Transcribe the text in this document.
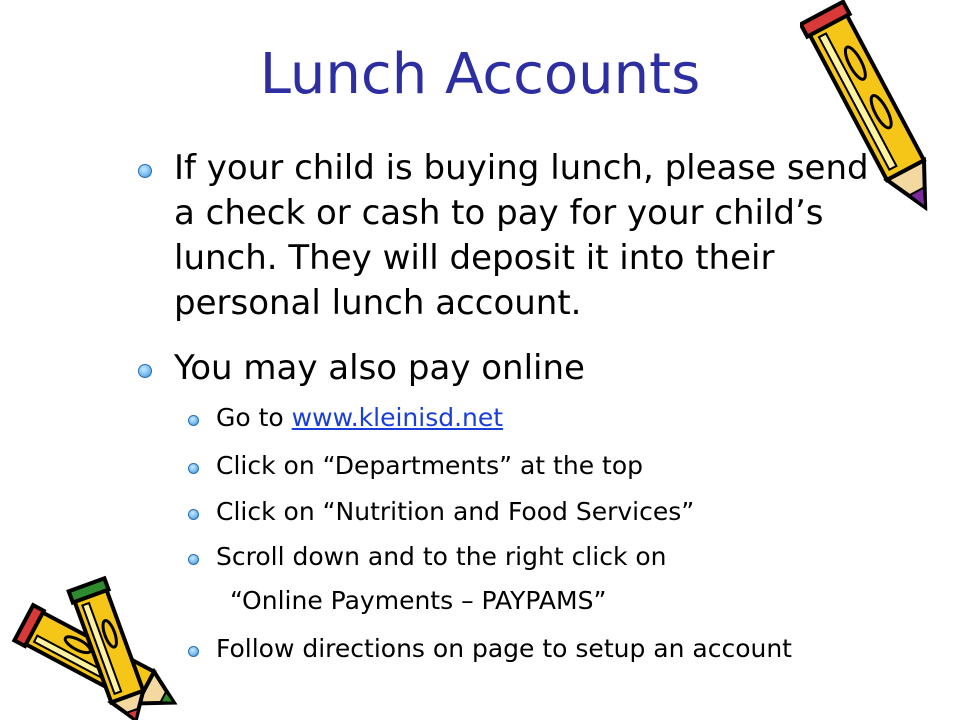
Lunch Accounts
If your child is buying lunch, please send a check or cash to pay for your child’s lunch. They will deposit it into their personal lunch account.
You may also pay online
Go to www.kleinisd.net
Click on “Departments” at the top
Click on “Nutrition and Food Services”
Scroll down and to the right click on
“Online Payments – PAYPAMS”
Follow directions on page to setup an account
